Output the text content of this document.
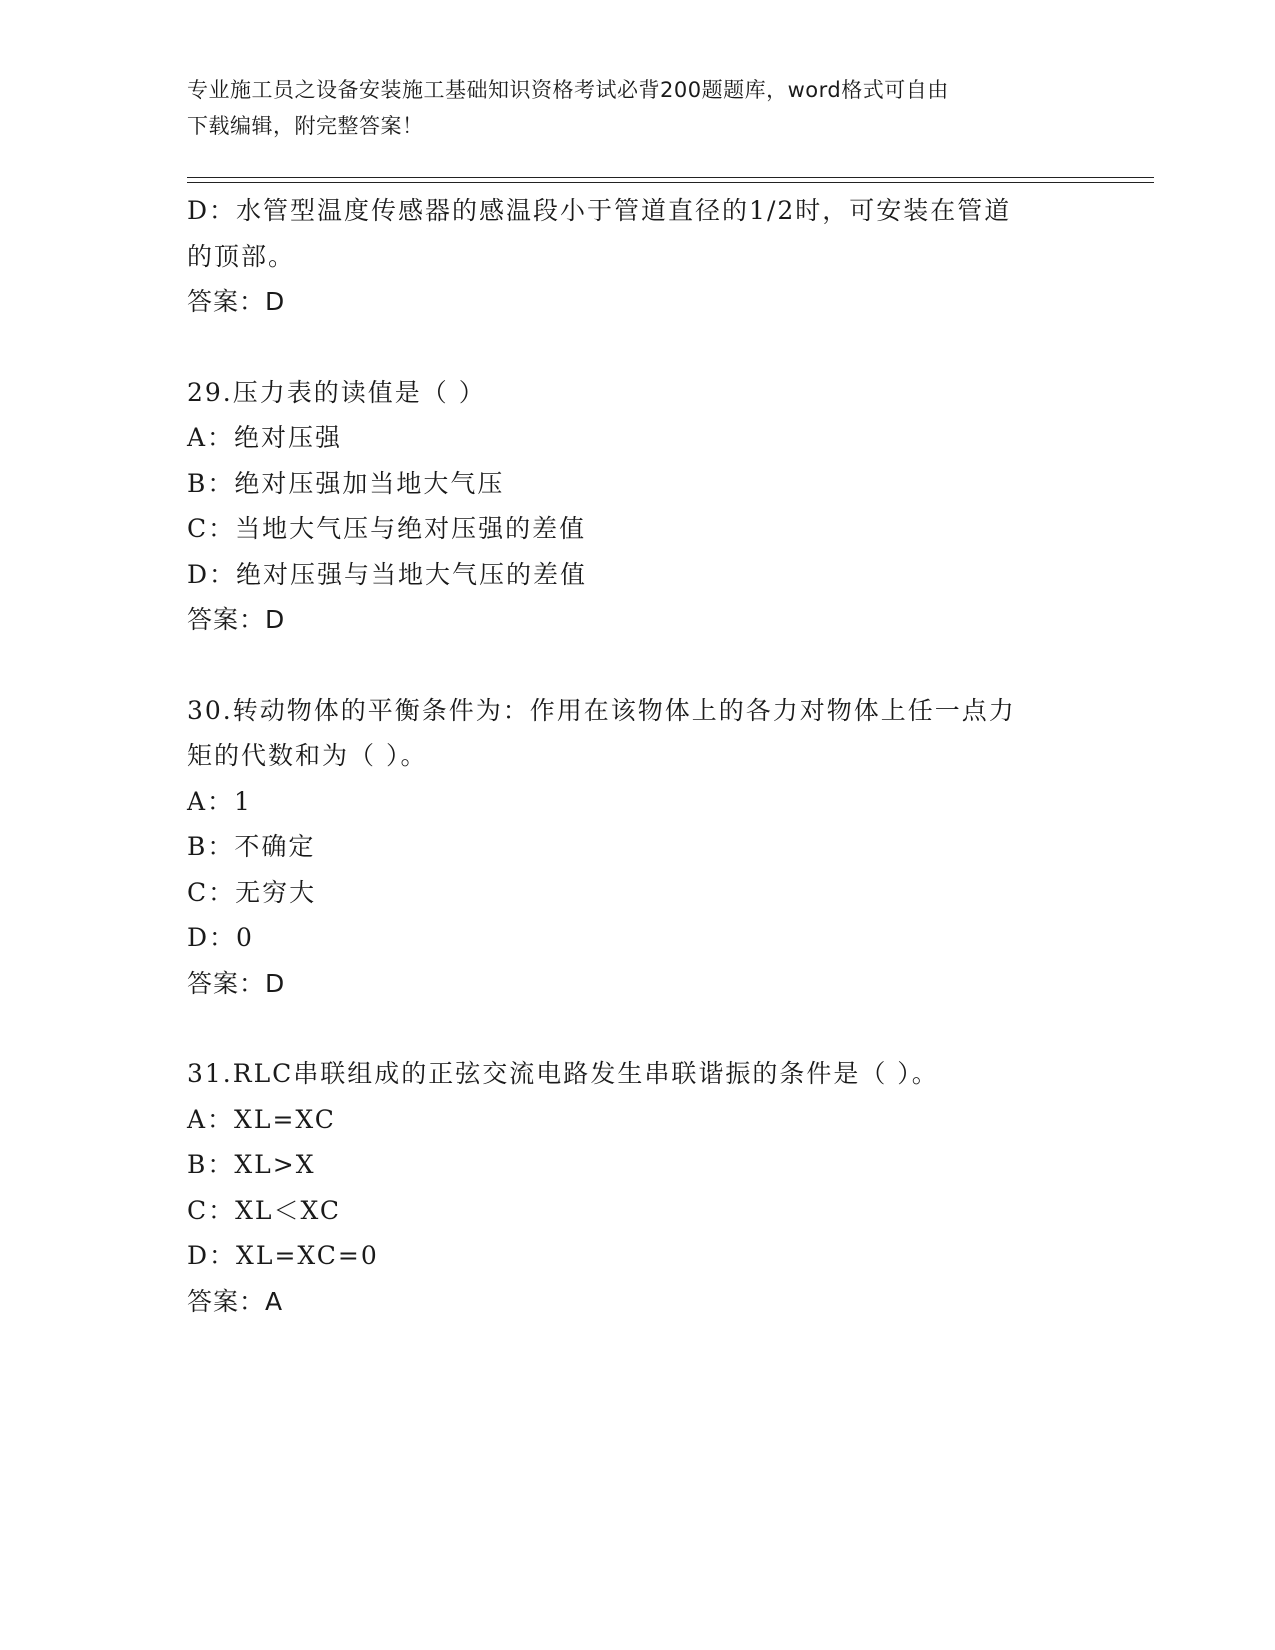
专业施工员之设备安装施工基础知识资格考试必背200题题库，word格式可自由
下载编辑，附完整答案！
D：水管型温度传感器的感温段小于管道直径的1/2时，可安装在管道
的顶部。
答案：D
29.压力表的读值是（ ）
A：绝对压强
B：绝对压强加当地大气压
C：当地大气压与绝对压强的差值
D：绝对压强与当地大气压的差值
答案：D
30.转动物体的平衡条件为：作用在该物体上的各力对物体上任一点力
矩的代数和为（ ）。
A：1
B：不确定
C：无穷大
D：0
答案：D
31.RLC串联组成的正弦交流电路发生串联谐振的条件是（ ）。
A：XL=XC
B：XL>X
C：XL＜XC
D：XL=XC=0
答案：A
